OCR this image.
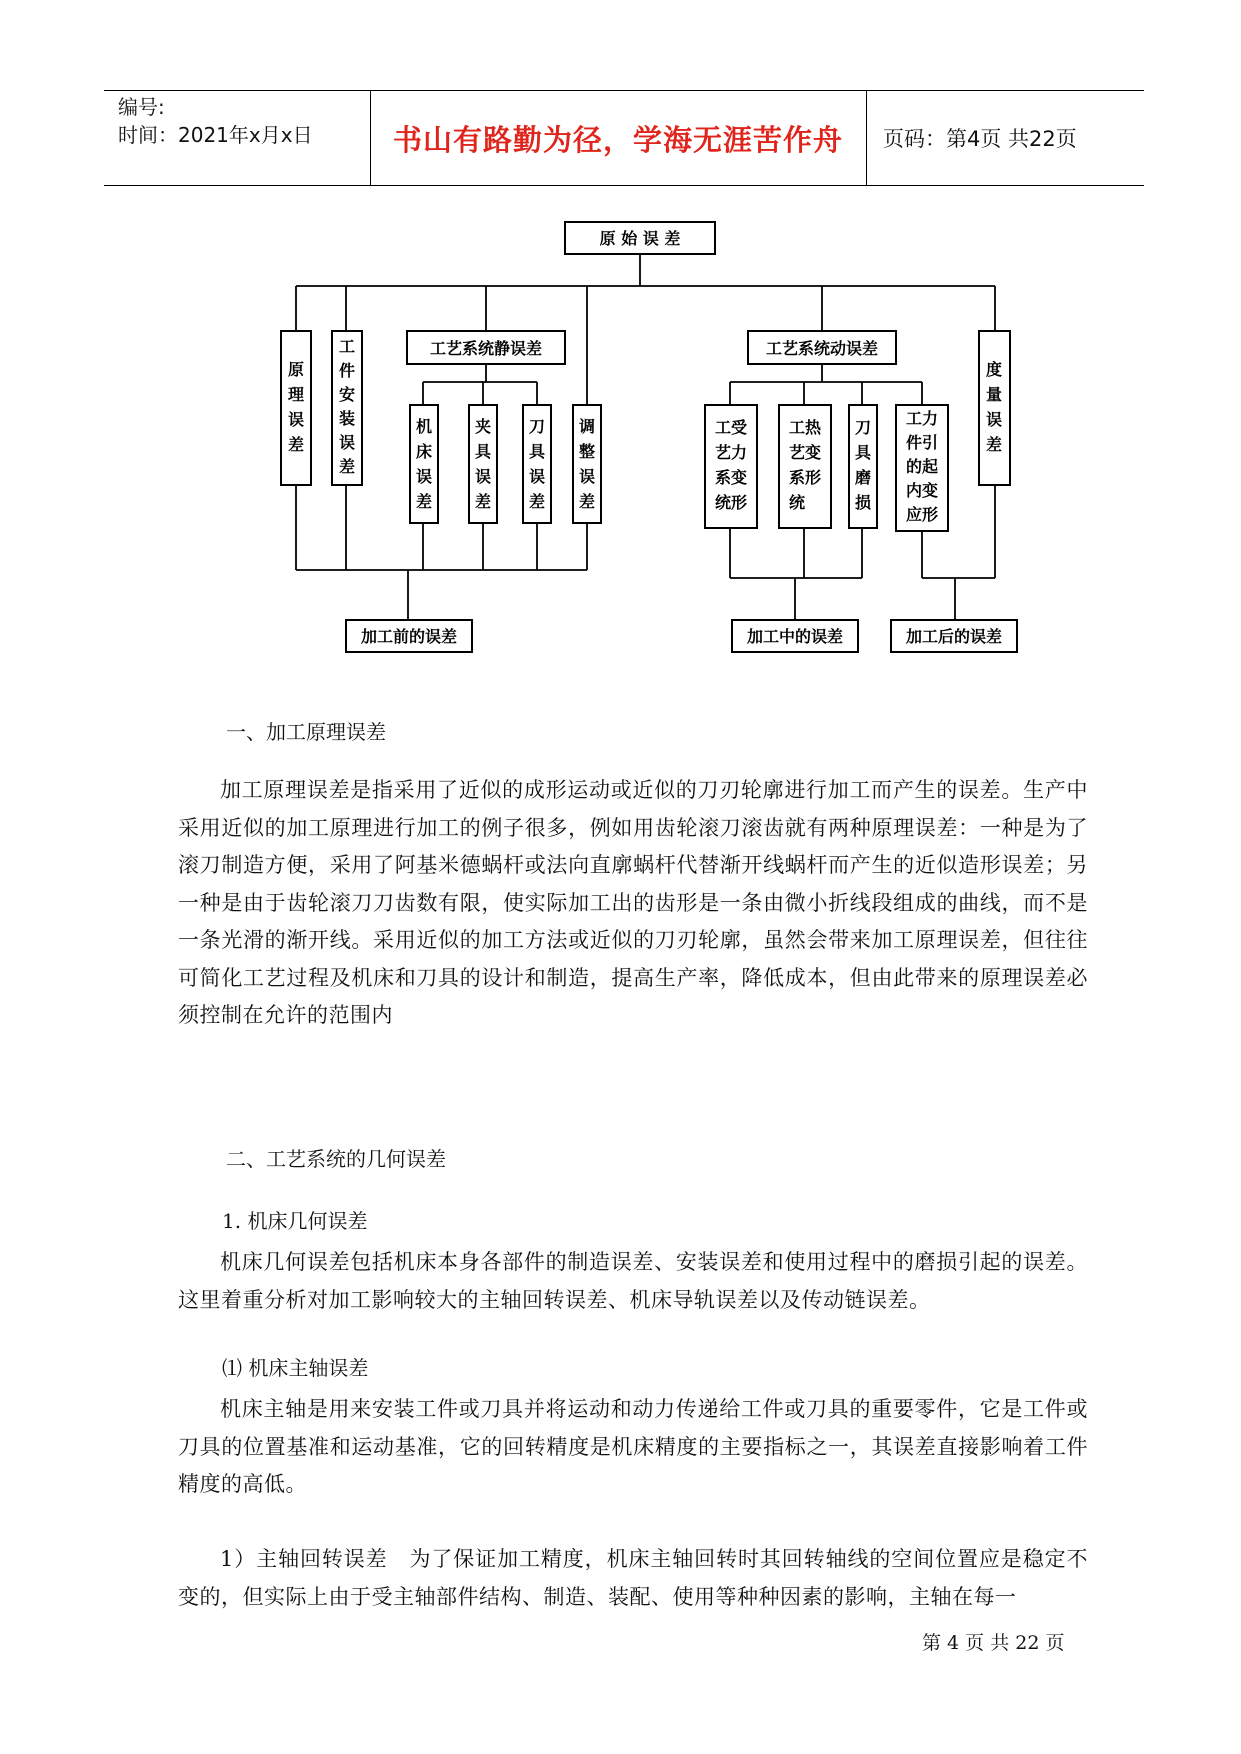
编号:
时间：2021年x月x日	书山有路勤为径，学海无涯苦作舟	页码：第4页 共22页
原 始 误 差
原
理
误
差
工
件
安
装
误
差
工艺系统静误差
机
床
误
差
夹
具
误
差
刀
具
误
差
调
整
误
差
工艺系统动误差
工受
艺力
系变
统形
工热
艺变
系形
统
刀
具
磨
损
工力
件引
的起
内变
应形
度
量
误
差
加工前的误差	加工中的误差	加工后的误差
一、加工原理误差
加工原理误差是指采用了近似的成形运动或近似的刀刃轮廓进行加工而产生的误差。生产中采用近似的加工原理进行加工的例子很多，例如用齿轮滚刀滚齿就有两种原理误差：一种是为了滚刀制造方便，采用了阿基米德蜗杆或法向直廓蜗杆代替渐开线蜗杆而产生的近似造形误差；另一种是由于齿轮滚刀刀齿数有限，使实际加工出的齿形是一条由微小折线段组成的曲线，而不是一条光滑的渐开线。采用近似的加工方法或近似的刀刃轮廓，虽然会带来加工原理误差，但往往可简化工艺过程及机床和刀具的设计和制造，提高生产率，降低成本，但由此带来的原理误差必须控制在允许的范围内
二、工艺系统的几何误差
1. 机床几何误差
机床几何误差包括机床本身各部件的制造误差、安装误差和使用过程中的磨损引起的误差。这里着重分析对加工影响较大的主轴回转误差、机床导轨误差以及传动链误差。
⑴ 机床主轴误差
机床主轴是用来安装工件或刀具并将运动和动力传递给工件或刀具的重要零件，它是工件或刀具的位置基准和运动基准，它的回转精度是机床精度的主要指标之一，其误差直接影响着工件精度的高低。
1）主轴回转误差　为了保证加工精度，机床主轴回转时其回转轴线的空间位置应是稳定不变的，但实际上由于受主轴部件结构、制造、装配、使用等种种因素的影响，主轴在每一
第 4 页 共 22 页
